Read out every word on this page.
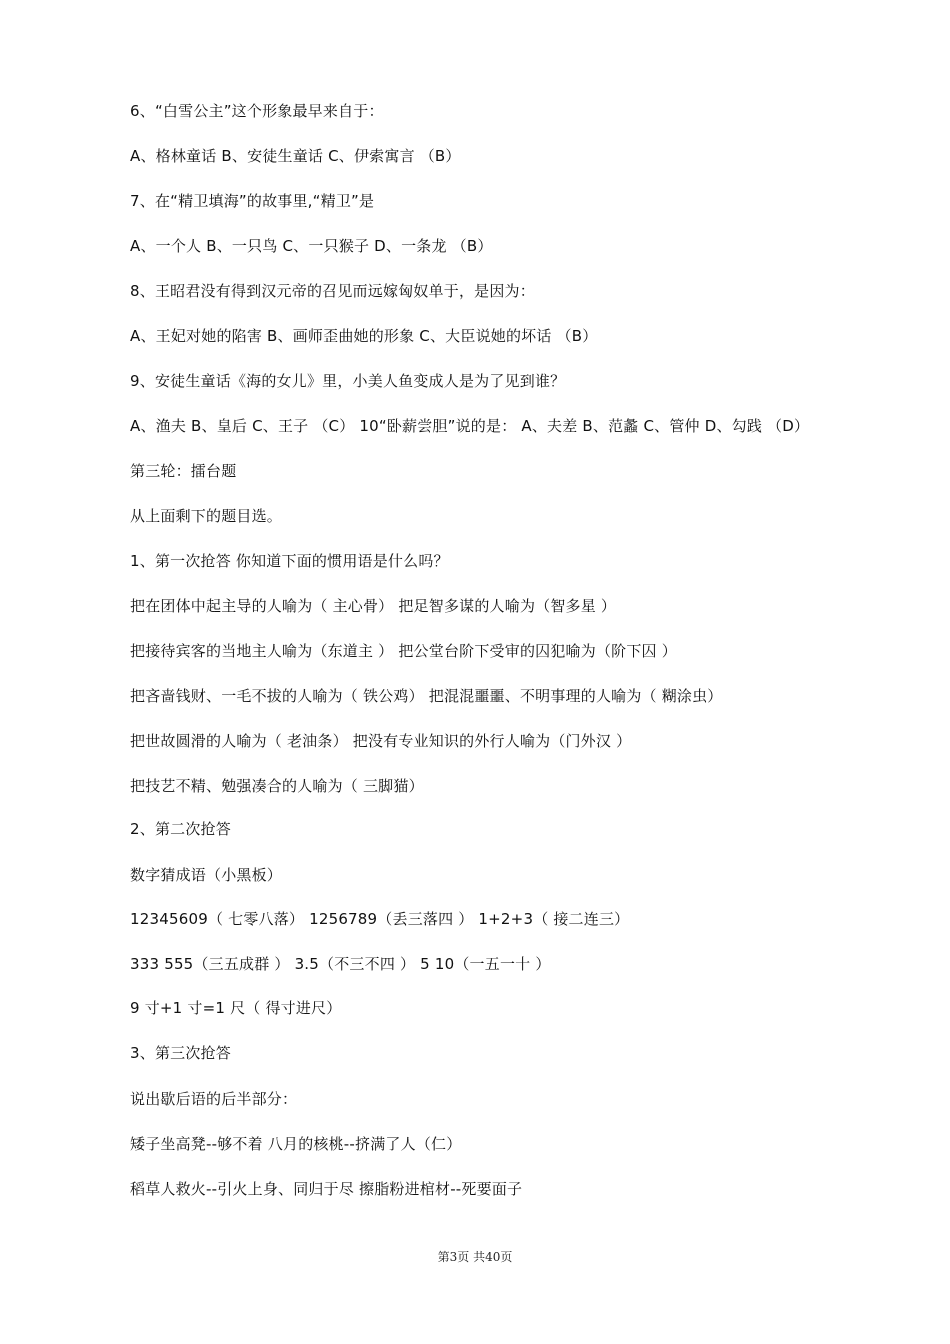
6、“白雪公主”这个形象最早来自于：
A、格林童话 B、安徒生童话 C、伊索寓言 （B）
7、在“精卫填海”的故事里,“精卫”是
A、一个人 B、一只鸟 C、一只猴子 D、一条龙 （B）
8、王昭君没有得到汉元帝的召见而远嫁匈奴单于，是因为：
A、王妃对她的陷害 B、画师歪曲她的形象 C、大臣说她的坏话 （B）
9、安徒生童话《海的女儿》里，小美人鱼变成人是为了见到谁？
A、渔夫 B、皇后 C、王子 （C） 10“卧薪尝胆”说的是： A、夫差 B、范蠡 C、管仲 D、勾践 （D）
第三轮：擂台题
从上面剩下的题目选。
1、第一次抢答 你知道下面的惯用语是什么吗？
把在团体中起主导的人喻为（ 主心骨） 把足智多谋的人喻为（智多星 ）
把接待宾客的当地主人喻为（东道主 ） 把公堂台阶下受审的囚犯喻为（阶下囚 ）
把吝啬钱财、一毛不拔的人喻为（ 铁公鸡） 把混混噩噩、不明事理的人喻为（ 糊涂虫）
把世故圆滑的人喻为（ 老油条） 把没有专业知识的外行人喻为（门外汉 ）
把技艺不精、勉强凑合的人喻为（ 三脚猫）
2、第二次抢答
数字猜成语（小黑板）
12345609（ 七零八落） 1256789（丢三落四 ） 1+2+3（ 接二连三）
333 555（三五成群 ） 3.5（不三不四 ） 5 10（一五一十 ）
9 寸+1 寸=1 尺（ 得寸进尺）
3、第三次抢答
说出歇后语的后半部分：
矮子坐高凳--够不着 八月的核桃--挤满了人（仁）
稻草人救火--引火上身、同归于尽 擦脂粉进棺材--死要面子
第3页 共40页
